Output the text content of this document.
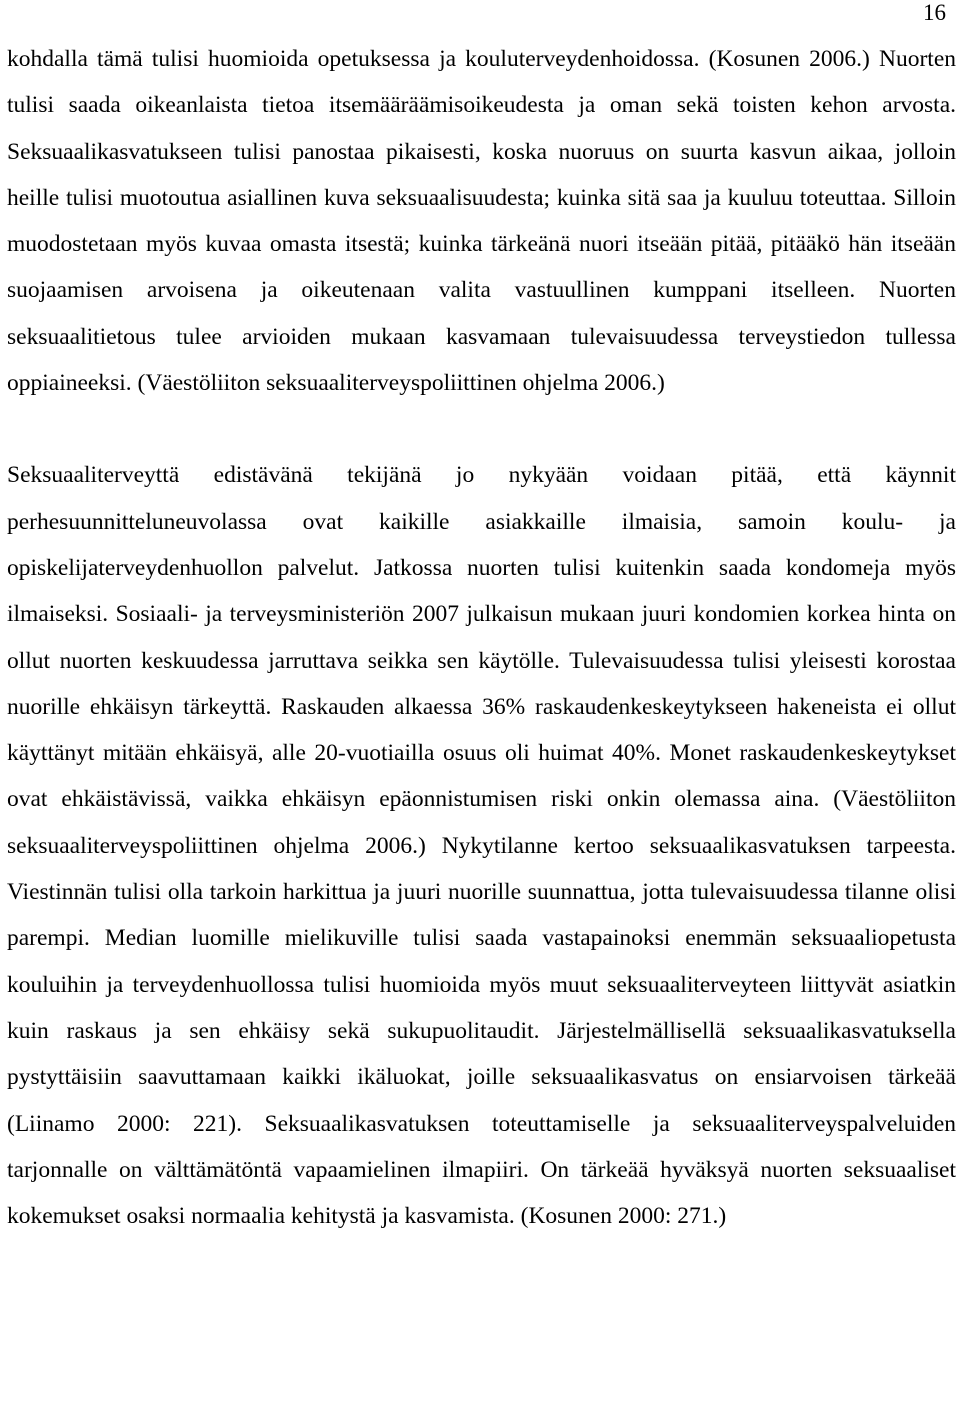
16

kohdalla tämä tulisi huomioida opetuksessa ja kouluterveydenhoidossa. (Kosunen 2006.) Nuorten tulisi saada oikeanlaista tietoa itsemääräämisoikeudesta ja oman sekä toisten kehon arvosta. Seksuaalikasvatukseen tulisi panostaa pikaisesti, koska nuoruus on suurta kasvun aikaa, jolloin heille tulisi muotoutua asiallinen kuva seksuaalisuudesta; kuinka sitä saa ja kuuluu toteuttaa. Silloin muodostetaan myös kuvaa omasta itsestä; kuinka tärkeänä nuori itseään pitää, pitääkö hän itseään suojaamisen arvoisena ja oikeutenaan valita vastuullinen kumppani itselleen. Nuorten seksuaalitietous tulee arvioiden mukaan kasvamaan tulevaisuudessa terveystiedon tullessa oppiaineeksi. (Väestöliiton seksuaaliterveyspoliittinen ohjelma 2006.)

Seksuaaliterveyttä edistävänä tekijänä jo nykyään voidaan pitää, että käynnit perhesuunnitteluneuvolassa ovat kaikille asiakkaille ilmaisia, samoin koulu- ja opiskelijaterveydenhuollon palvelut. Jatkossa nuorten tulisi kuitenkin saada kondomeja myös ilmaiseksi. Sosiaali- ja terveysministeriön 2007 julkaisun mukaan juuri kondomien korkea hinta on ollut nuorten keskuudessa jarruttava seikka sen käytölle. Tulevaisuudessa tulisi yleisesti korostaa nuorille ehkäisyn tärkeyttä. Raskauden alkaessa 36% raskaudenkeskeytykseen hakeneista ei ollut käyttänyt mitään ehkäisyä, alle 20-vuotiailla osuus oli huimat 40%. Monet raskaudenkeskeytykset ovat ehkäistävissä, vaikka ehkäisyn epäonnistumisen riski onkin olemassa aina. (Väestöliiton seksuaaliterveyspoliittinen ohjelma 2006.) Nykytilanne kertoo seksuaalikasvatuksen tarpeesta. Viestinnän tulisi olla tarkoin harkittua ja juuri nuorille suunnattua, jotta tulevaisuudessa tilanne olisi parempi. Median luomille mielikuville tulisi saada vastapainoksi enemmän seksuaaliopetusta kouluihin ja terveydenhuollossa tulisi huomioida myös muut seksuaaliterveyteen liittyvät asiatkin kuin raskaus ja sen ehkäisy sekä sukupuolitaudit. Järjestelmällisellä seksuaalikasvatuksella pystyttäisiin saavuttamaan kaikki ikäluokat, joille seksuaalikasvatus on ensiarvoisen tärkeää (Liinamo 2000: 221). Seksuaalikasvatuksen toteuttamiselle ja seksuaaliterveyspalveluiden tarjonnalle on välttämätöntä vapaamielinen ilmapiiri. On tärkeää hyväksyä nuorten seksuaaliset kokemukset osaksi normaalia kehitystä ja kasvamista. (Kosunen 2000: 271.)
